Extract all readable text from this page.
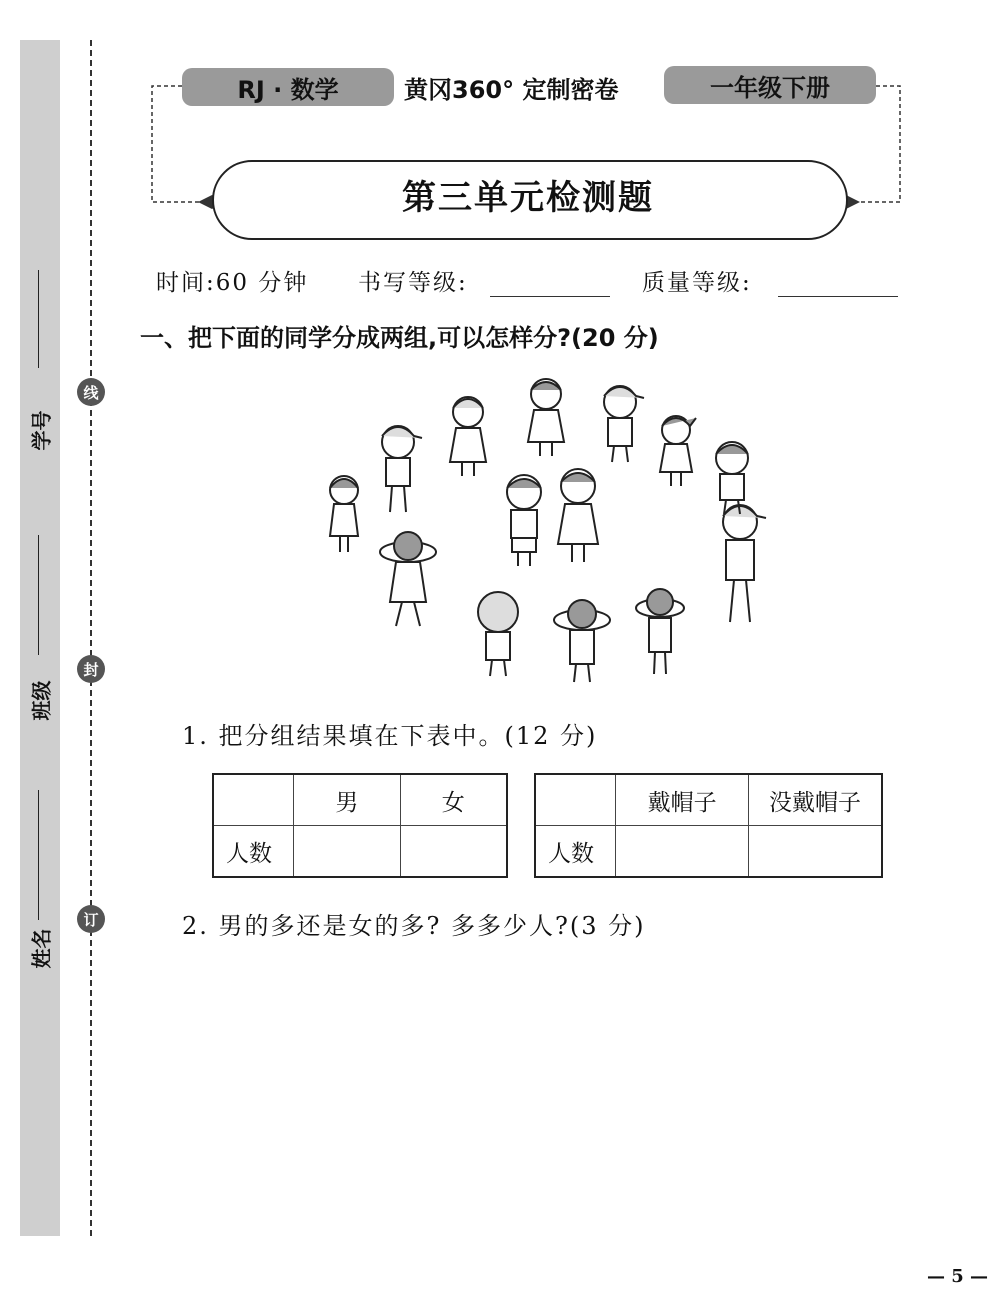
学号
班级
姓名
线
封
订
RJ · 数学	黄冈360° 定制密卷	一年级下册
第三单元检测题
时间:60 分钟 书写等级:	质量等级:
一、把下面的同学分成两组,可以怎样分?(20 分)
1. 把分组结果填在下表中。(12 分)
	男	女
人数		
	戴帽子	没戴帽子
人数		
2. 男的多还是女的多? 多多少人?(3 分)
— 5 —
